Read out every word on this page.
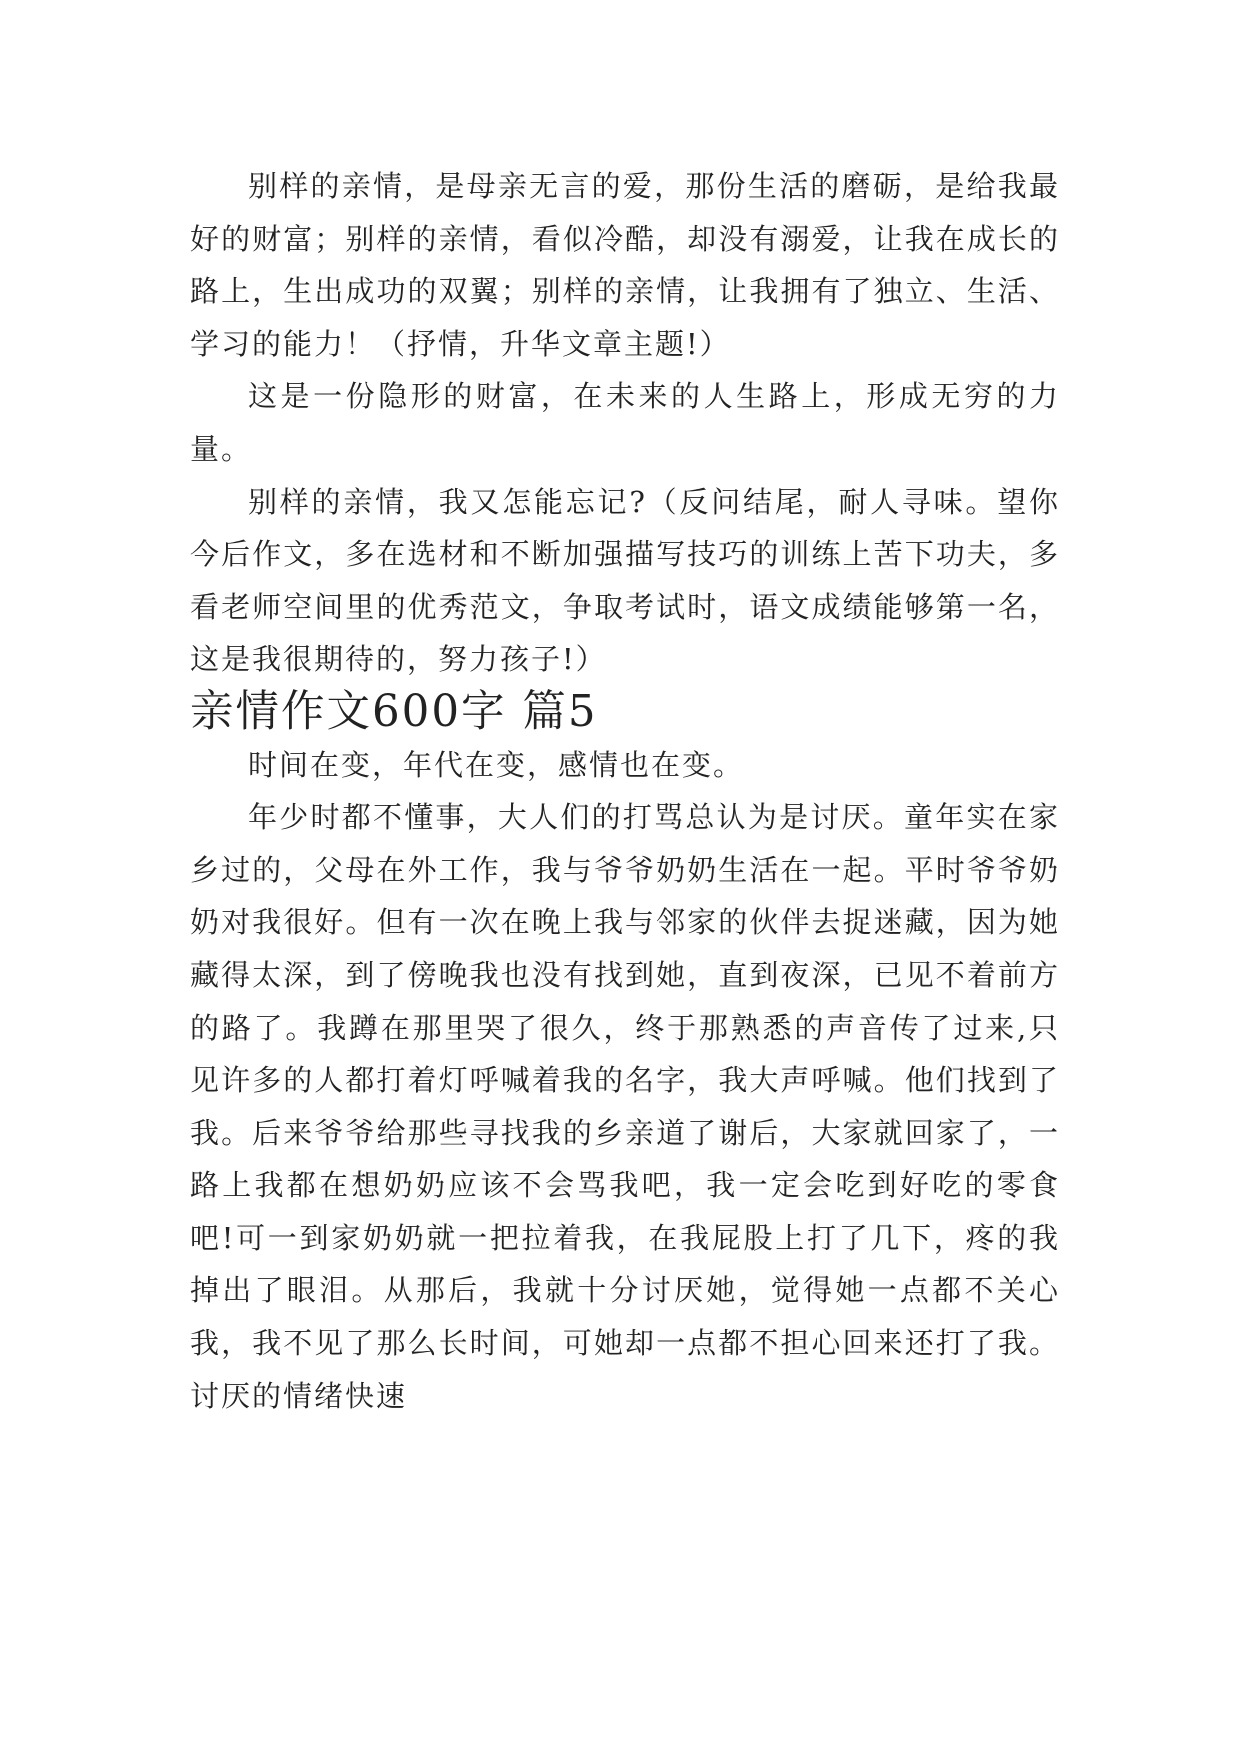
别样的亲情，是母亲无言的爱，那份生活的磨砺，是给我最好的财富；别样的亲情，看似冷酷，却没有溺爱，让我在成长的路上，生出成功的双翼；别样的亲情，让我拥有了独立、生活、学习的能力！（抒情，升华文章主题!）

这是一份隐形的财富，在未来的人生路上，形成无穷的力量。

别样的亲情，我又怎能忘记?（反问结尾，耐人寻味。望你今后作文，多在选材和不断加强描写技巧的训练上苦下功夫，多看老师空间里的优秀范文，争取考试时，语文成绩能够第一名，这是我很期待的，努力孩子!）

亲情作文600字 篇5

时间在变，年代在变，感情也在变。

年少时都不懂事，大人们的打骂总认为是讨厌。童年实在家乡过的，父母在外工作，我与爷爷奶奶生活在一起。平时爷爷奶奶对我很好。但有一次在晚上我与邻家的伙伴去捉迷藏，因为她藏得太深，到了傍晚我也没有找到她，直到夜深，已见不着前方的路了。我蹲在那里哭了很久，终于那熟悉的声音传了过来,只见许多的人都打着灯呼喊着我的名字，我大声呼喊。他们找到了我。后来爷爷给那些寻找我的乡亲道了谢后，大家就回家了，一路上我都在想奶奶应该不会骂我吧，我一定会吃到好吃的零食吧!可一到家奶奶就一把拉着我，在我屁股上打了几下，疼的我掉出了眼泪。从那后，我就十分讨厌她，觉得她一点都不关心我，我不见了那么长时间，可她却一点都不担心回来还打了我。讨厌的情绪快速
